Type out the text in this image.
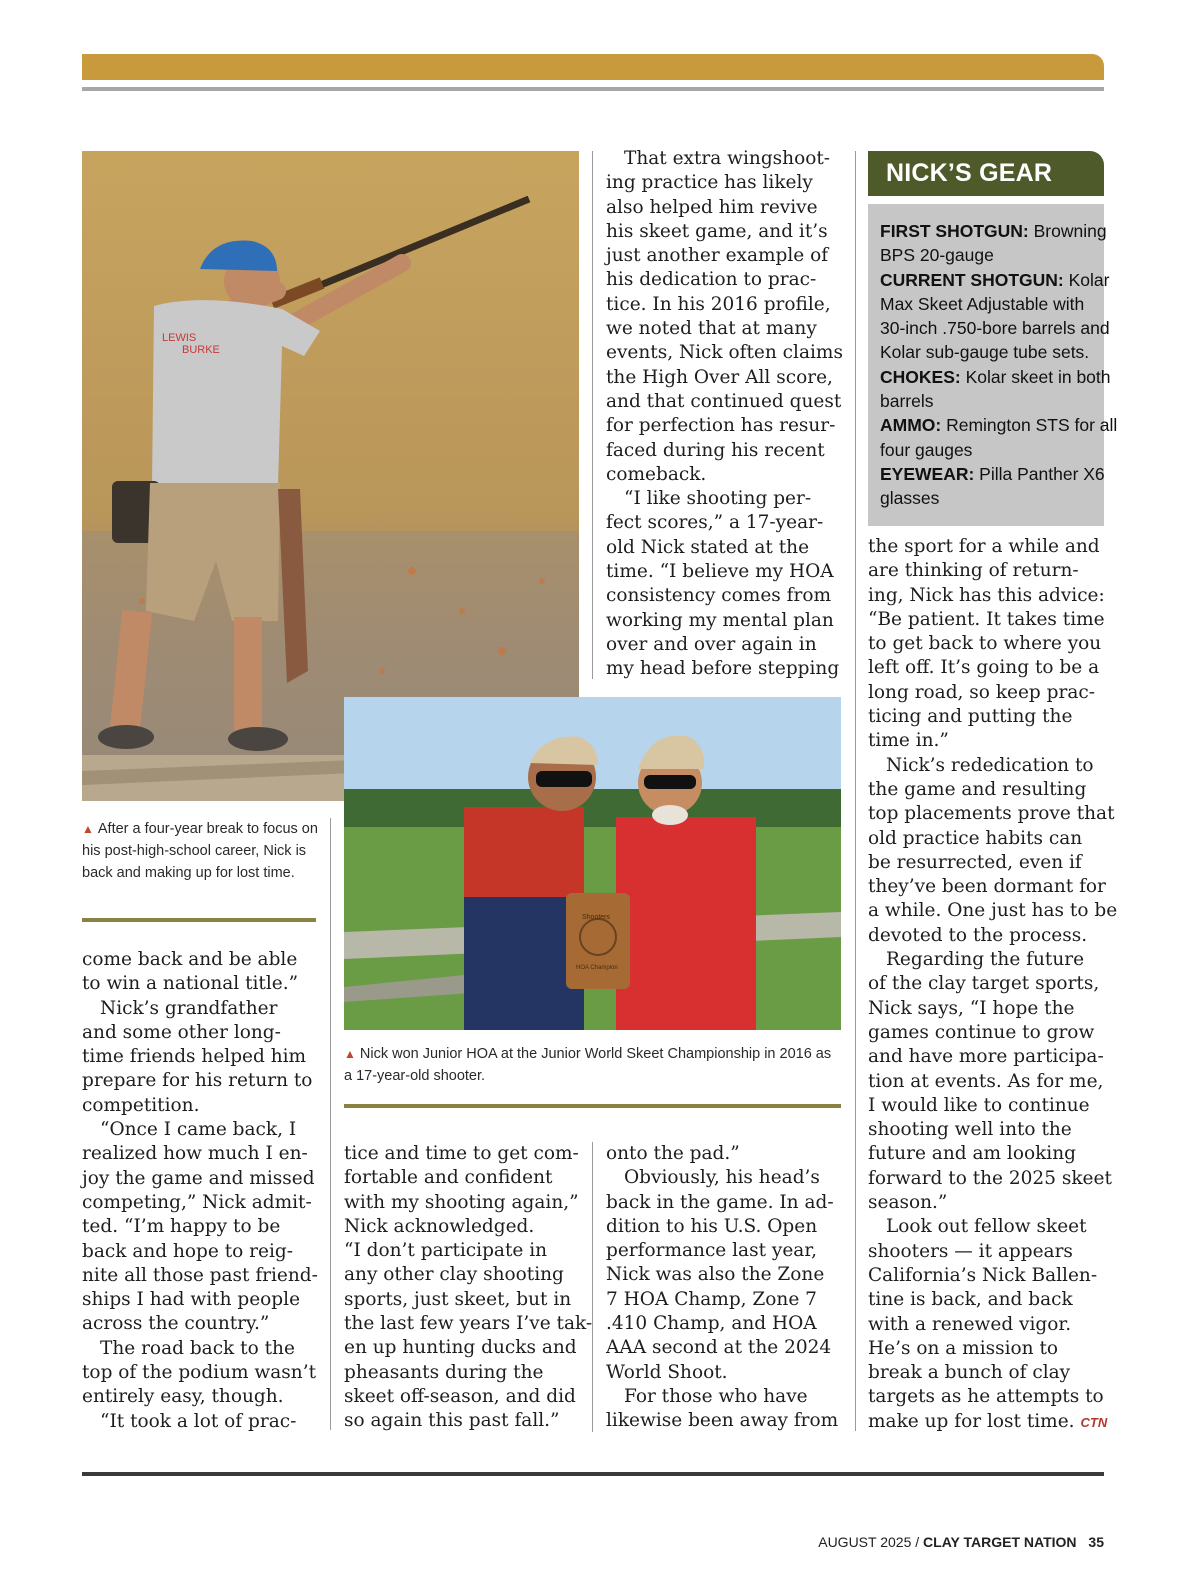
LEWIS
BURKE
▲ After a four-year break to focus on his post-high-school career, Nick is back and making up for lost time.
Shooters
HOA Champion
▲ Nick won Junior HOA at the Junior World Skeet Championship in 2016 as a 17-year-old shooter.

come back and be able

to win a national title.”

Nick’s grandfather

and some other long-

time friends helped him

prepare for his return to

competition.

“Once I came back, I

realized how much I en-

joy the game and missed

competing,” Nick admit-

ted. “I’m happy to be

back and hope to reig-

nite all those past friend-

ships I had with people

across the country.”

The road back to the

top of the podium wasn’t

entirely easy, though.

“It took a lot of prac-

tice and time to get com-

fortable and confident

with my shooting again,”

Nick acknowledged.

“I don’t participate in

any other clay shooting

sports, just skeet, but in

the last few years I’ve tak-

en up hunting ducks and

pheasants during the

skeet off-season, and did

so again this past fall.”

That extra wingshoot-

ing practice has likely

also helped him revive

his skeet game, and it’s

just another example of

his dedication to prac-

tice. In his 2016 profile,

we noted that at many

events, Nick often claims

the High Over All score,

and that continued quest

for perfection has resur-

faced during his recent

comeback.

“I like shooting per-

fect scores,” a 17-year-

old Nick stated at the

time. “I believe my HOA

consistency comes from

working my mental plan

over and over again in

my head before stepping

onto the pad.”

Obviously, his head’s

back in the game. In ad-

dition to his U.S. Open

performance last year,

Nick was also the Zone

7 HOA Champ, Zone 7

.410 Champ, and HOA

AAA second at the 2024

World Shoot.

For those who have

likewise been away from

NICK’S GEAR
FIRST SHOTGUN: Browning
BPS 20-gauge
CURRENT SHOTGUN: Kolar
Max Skeet Adjustable with
30-inch .750-bore barrels and
Kolar sub-gauge tube sets.
CHOKES: Kolar skeet in both
barrels
AMMO: Remington STS for all
four gauges
EYEWEAR: Pilla Panther X6
glasses

the sport for a while and

are thinking of return-

ing, Nick has this advice:

“Be patient. It takes time

to get back to where you

left off. It’s going to be a

long road, so keep prac-

ticing and putting the

time in.”

Nick’s rededication to

the game and resulting

top placements prove that

old practice habits can

be resurrected, even if

they’ve been dormant for

a while. One just has to be

devoted to the process.

Regarding the future

of the clay target sports,

Nick says, “I hope the

games continue to grow

and have more participa-

tion at events. As for me,

I would like to continue

shooting well into the

future and am looking

forward to the 2025 skeet

season.”

Look out fellow skeet

shooters — it appears

California’s Nick Ballen-

tine is back, and back

with a renewed vigor.

He’s on a mission to

break a bunch of clay

targets as he attempts to

make up for lost time. CTN

AUGUST 2025 / CLAY TARGET NATION 35
